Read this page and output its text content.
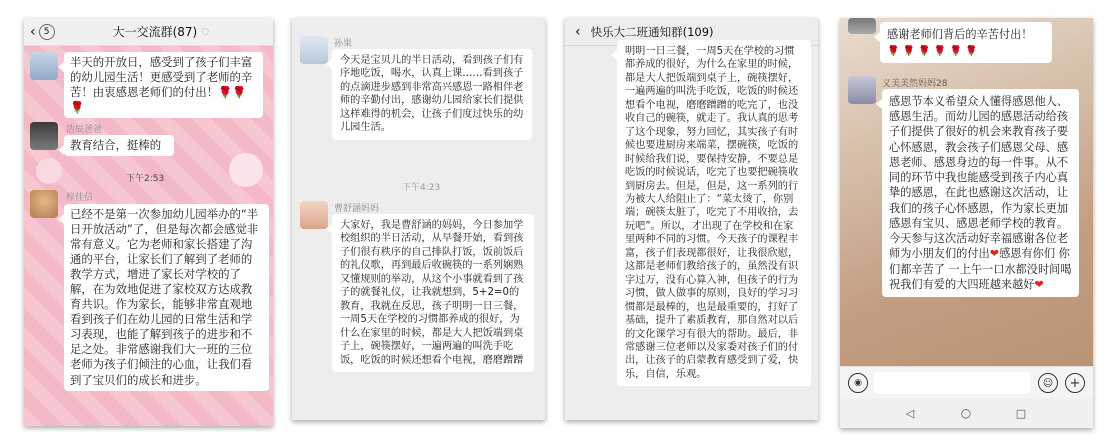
‹ 5	大一交流群(87) ◌
半天的开放日，感受到了孩子们丰富的幼儿园生活！更感受到了老师的辛苦！由衷感恩老师们的付出！🌹🌹🌹
浩辰爸爸
教育结合，挺棒的
下午2:53
梓佳信
已经不是第一次参加幼儿园举办的“半日开放活动”了，但是每次都会感觉非常有意义。它为老师和家长搭建了沟通的平台，让家长们了解到了老师的教学方式，增进了家长对学校的了解，在为效地促进了家校双方达成教育共识。作为家长，能够非常直观地看到孩子们在幼儿园的日常生活和学习表现，也能了解到孩子的进步和不足之处。非常感谢我们大一班的三位老师为孩子们倾注的心血，让我们看到了宝贝们的成长和进步。
孙果
今天是宝贝儿的半日活动，看到孩子们有序地吃饭，喝水，认真上课……看到孩子的点滴进步感到非常高兴感恩一路相伴老师的辛勤付出，感谢幼儿园给家长们提供这样难得的机会，让孩子们度过快乐的幼儿园生活。
下午4:23
曹舒涵妈妈
大家好，我是曹舒涵的妈妈，今日参加学校组织的半日活动，从早餐开始，看到孩子们很有秩序的自己排队打饭，饭前饭后的礼仪歌，再到最后收碗筷的一系列娴熟又懂规则的举动，从这个小事就看到了孩子的就餐礼仪，让我就想到，5+2=0的教育，我就在反思，孩子明明一日三餐，一周5天在学校的习惯都养成的很好，为什么在家里的时候，都是大人把饭端到桌子上，碗筷摆好，一遍两遍的叫洗手吃饭，吃饭的时候还想看个电视，磨磨蹭蹭
‹ 快乐大二班通知群(109)
明明一日三餐，一周5天在学校的习惯都养成的很好，为什么在家里的时候，都是大人把饭端到桌子上，碗筷摆好，一遍两遍的叫洗手吃饭，吃饭的时候还想看个电视，磨磨蹭蹭的吃完了，也没收自己的碗筷，就走了。我认真的思考了这个现象，努力回忆，其实孩子有时候也要进厨房来端菜，摆碗筷，吃饭的时候给我们说，要保持安静，不要总是吃饭的时候说话，吃完了也要把碗筷收到厨房去。但是，但是，这一系列的行为被大人给阻止了：“菜太烫了，你别端；碗筷太脏了，吃完了不用收拾，去玩吧”。所以，才出现了在学校和在家里两种不同的习惯。今天孩子的课程丰富，孩子们表现都很好，让我很欣慰，这都是老师们教给孩子的，虽然没有识字过万，没有心算入神，但孩子的行为习惯，做人做事的原则，良好的学习习惯都是最棒的，也是最重要的，打好了基础，提升了素质教育，那自然对以后的文化课学习有很大的帮助。最后，非常感谢三位老师以及家委对孩子们的付出，让孩子的启蒙教育感受到了爱，快乐，自信，乐观。
感谢老师们背后的辛苦付出！ 🌹 🌹 🌹 🌹 🌹 🌹
义美美然妈妈28
感恩节本义希望众人懂得感恩他人、感恩生活。而幼儿园的感恩活动给孩子们提供了很好的机会来教育孩子要心怀感恩，教会孩子们感恩父母、感恩老师、感恩身边的每一件事。从不同的环节中我也能感受到孩子内心真挚的感恩，在此也感谢这次活动，让我们的孩子心怀感恩，作为家长更加感恩有宝贝、感恩老师学校的教育。今天参与这次活动好幸福感谢各位老师为小朋友们的付出❤感恩有你们 你们都辛苦了 一上午一口水都没时间喝 祝我们有爱的大四班越来越好❤
◉	☺	+
◁	○	□
